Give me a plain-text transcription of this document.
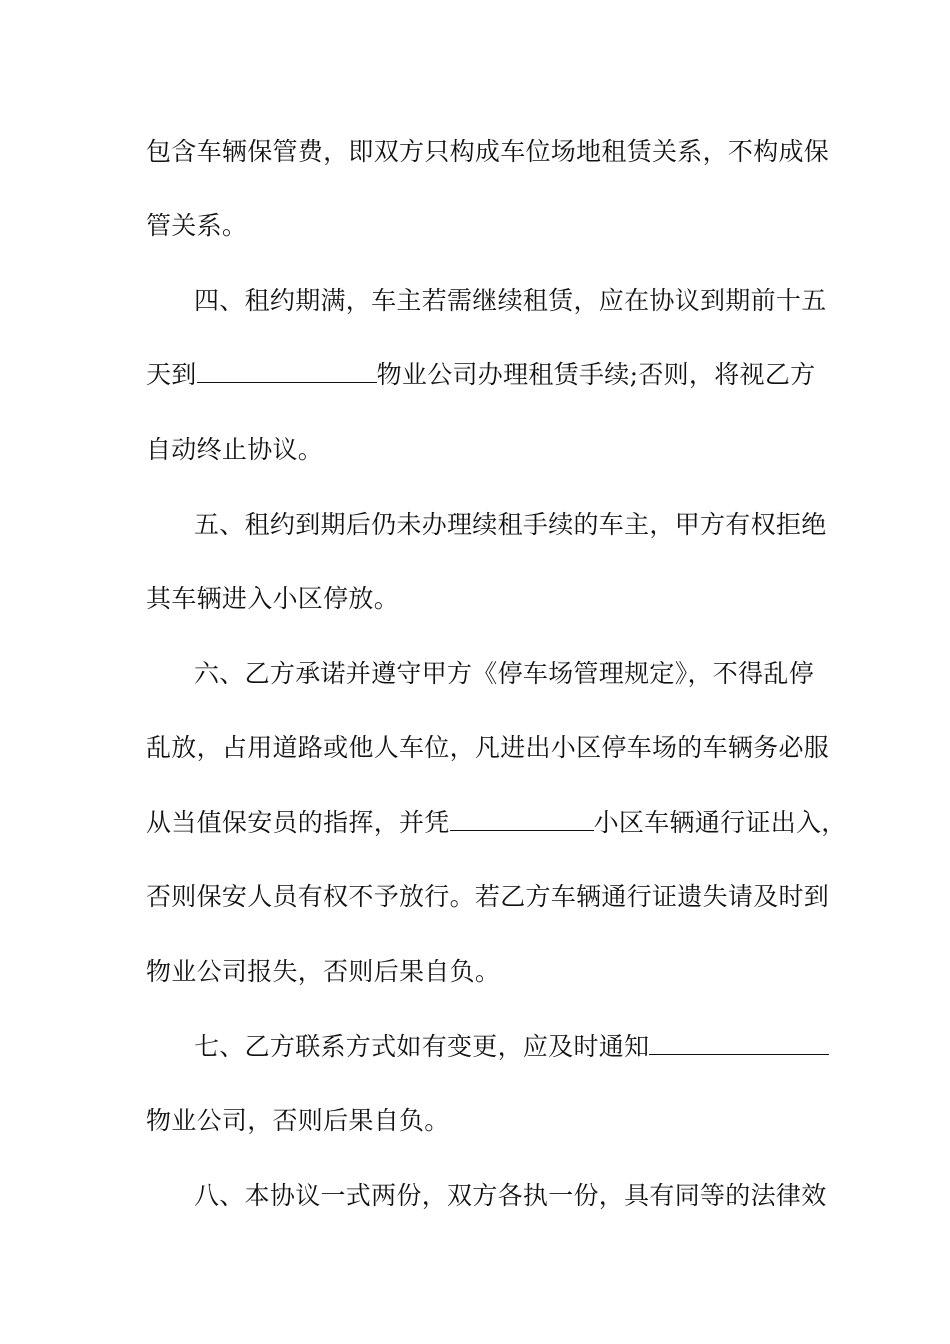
包含车辆保管费，即双方只构成车位场地租赁关系，不构成保
管关系。
四、租约期满，车主若需继续租赁，应在协议到期前十五
天到	物业公司办理租赁手续;否则，将视乙方
自动终止协议。
五、租约到期后仍未办理续租手续的车主，甲方有权拒绝
其车辆进入小区停放。
六、乙方承诺并遵守甲方《停车场管理规定》，不得乱停
乱放，占用道路或他人车位，凡进出小区停车场的车辆务必服
从当值保安员的指挥，并凭	小区车辆通行证出入，
否则保安人员有权不予放行。若乙方车辆通行证遗失请及时到
物业公司报失，否则后果自负。
七、乙方联系方式如有变更，应及时通知
物业公司，否则后果自负。
八、本协议一式两份，双方各执一份，具有同等的法律效
